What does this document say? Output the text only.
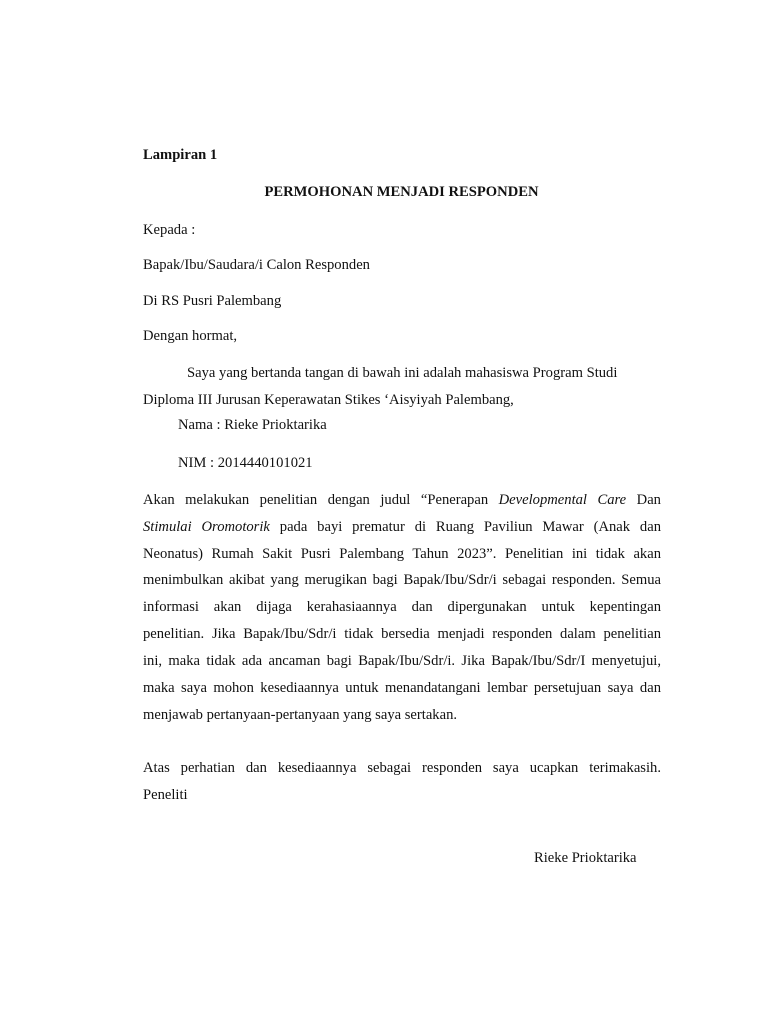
Lampiran 1
PERMOHONAN MENJADI RESPONDEN
Kepada :
Bapak/Ibu/Saudara/i Calon Responden
Di RS Pusri Palembang
Dengan hormat,
Saya yang bertanda tangan di bawah ini adalah mahasiswa Program Studi
Diploma III Jurusan Keperawatan Stikes ‘Aisyiyah Palembang,
Nama : Rieke Prioktarika
NIM : 2014440101021
Akan melakukan penelitian dengan judul “Penerapan Developmental Care Dan
Stimulai Oromotorik pada bayi prematur di Ruang Paviliun Mawar (Anak dan
Neonatus) Rumah Sakit Pusri Palembang Tahun 2023”. Penelitian ini tidak akan
menimbulkan akibat yang merugikan bagi Bapak/Ibu/Sdr/i sebagai responden. Semua
informasi akan dijaga kerahasiaannya dan dipergunakan untuk kepentingan
penelitian. Jika Bapak/Ibu/Sdr/i tidak bersedia menjadi responden dalam penelitian
ini, maka tidak ada ancaman bagi Bapak/Ibu/Sdr/i. Jika Bapak/Ibu/Sdr/I menyetujui,
maka saya mohon kesediaannya untuk menandatangani lembar persetujuan saya dan
menjawab pertanyaan-pertanyaan yang saya sertakan.
Atas perhatian dan kesediaannya sebagai responden saya ucapkan terimakasih.
Peneliti
Rieke Prioktarika
